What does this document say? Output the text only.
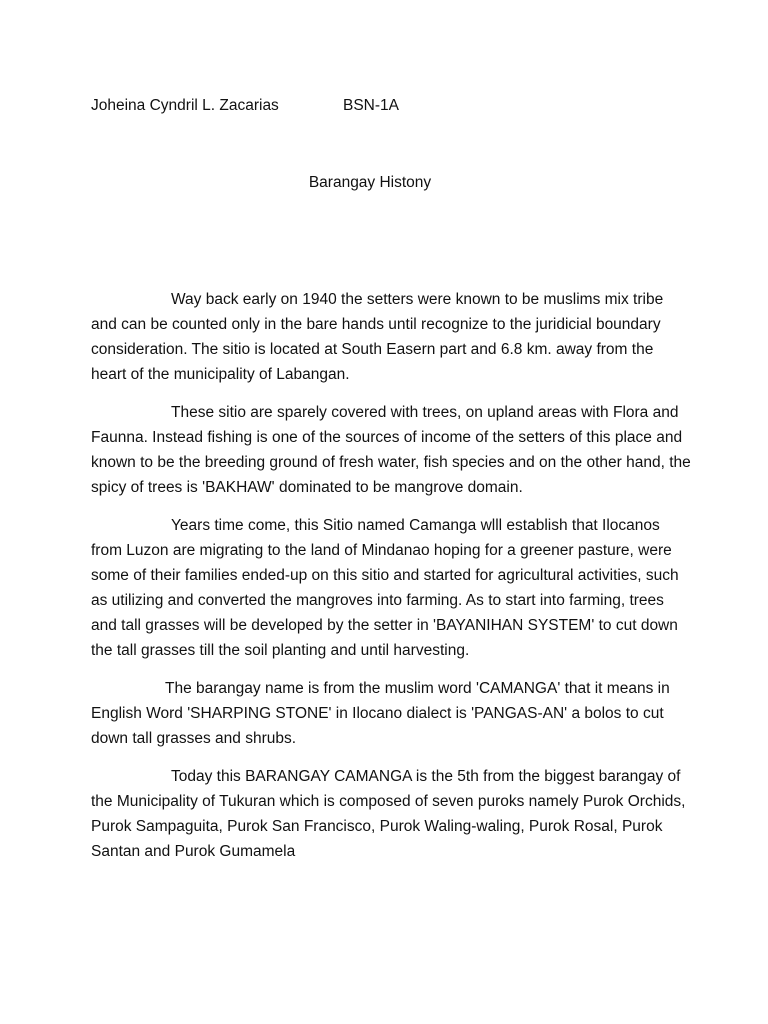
Joheina Cyndril L. Zacarias	BSN-1A
Barangay Histony

Way back early on 1940 the setters were known to be muslims mix tribe and can be counted only in the bare hands until recognize to the juridicial boundary consideration. The sitio is located at South Easern part and 6.8 km. away from the heart of the municipality of Labangan.

These sitio are sparely covered with trees, on upland areas with Flora and Faunna. Instead fishing is one of the sources of income of the setters of this place and known to be the breeding ground of fresh water, fish species and on the other hand, the spicy of trees is 'BAKHAW' dominated to be mangrove domain.

Years time come, this Sitio named Camanga wlll establish that Ilocanos from Luzon are migrating to the land of Mindanao hoping for a greener pasture, were some of their families ended-up on this sitio and started for agricultural activities, such as utilizing and converted the mangroves into farming. As to start into farming, trees and tall grasses will be developed by the setter in 'BAYANIHAN SYSTEM' to cut down the tall grasses till the soil planting and until harvesting.

The barangay name is from the muslim word 'CAMANGA' that it means in English Word 'SHARPING STONE' in Ilocano dialect is 'PANGAS-AN' a bolos to cut down tall grasses and shrubs.

Today this BARANGAY CAMANGA is the 5th from the biggest barangay of the Municipality of Tukuran which is composed of seven puroks namely Purok Orchids, Purok Sampaguita, Purok San Francisco, Purok Waling-waling, Purok Rosal, Purok Santan and Purok Gumamela
